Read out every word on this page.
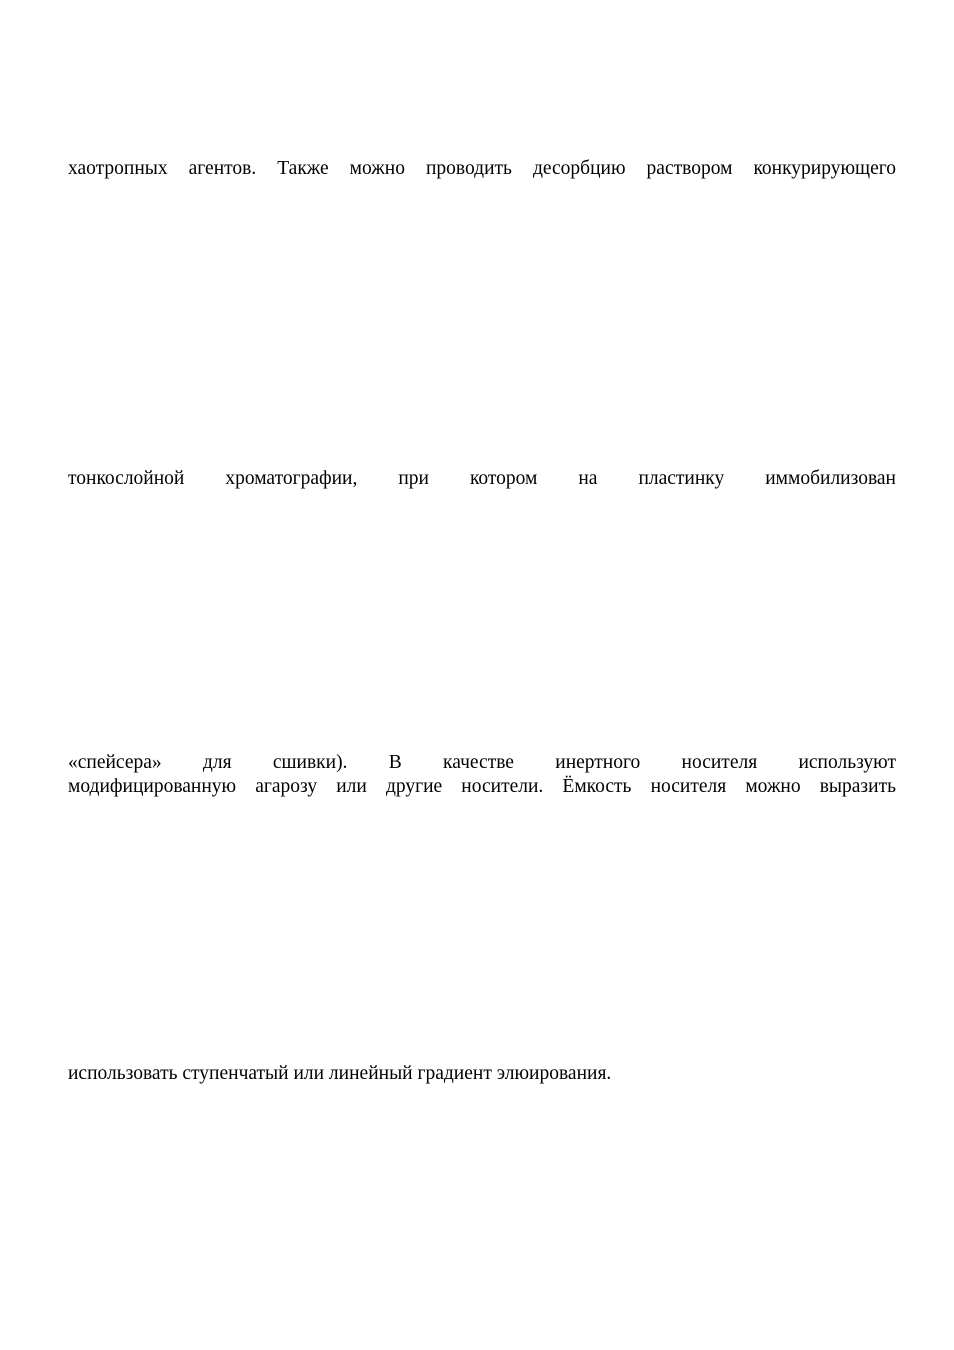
хаотропных агентов. Также можно проводить десорбцию раствором конкурирующего
тонкослойной хроматографии, при котором на пластинку иммобилизован
«спейсера» для сшивки). В качестве инертного носителя используют
модифицированную агарозу или другие носители. Ёмкость носителя можно выразить
использовать ступенчатый или линейный градиент элюирования.
